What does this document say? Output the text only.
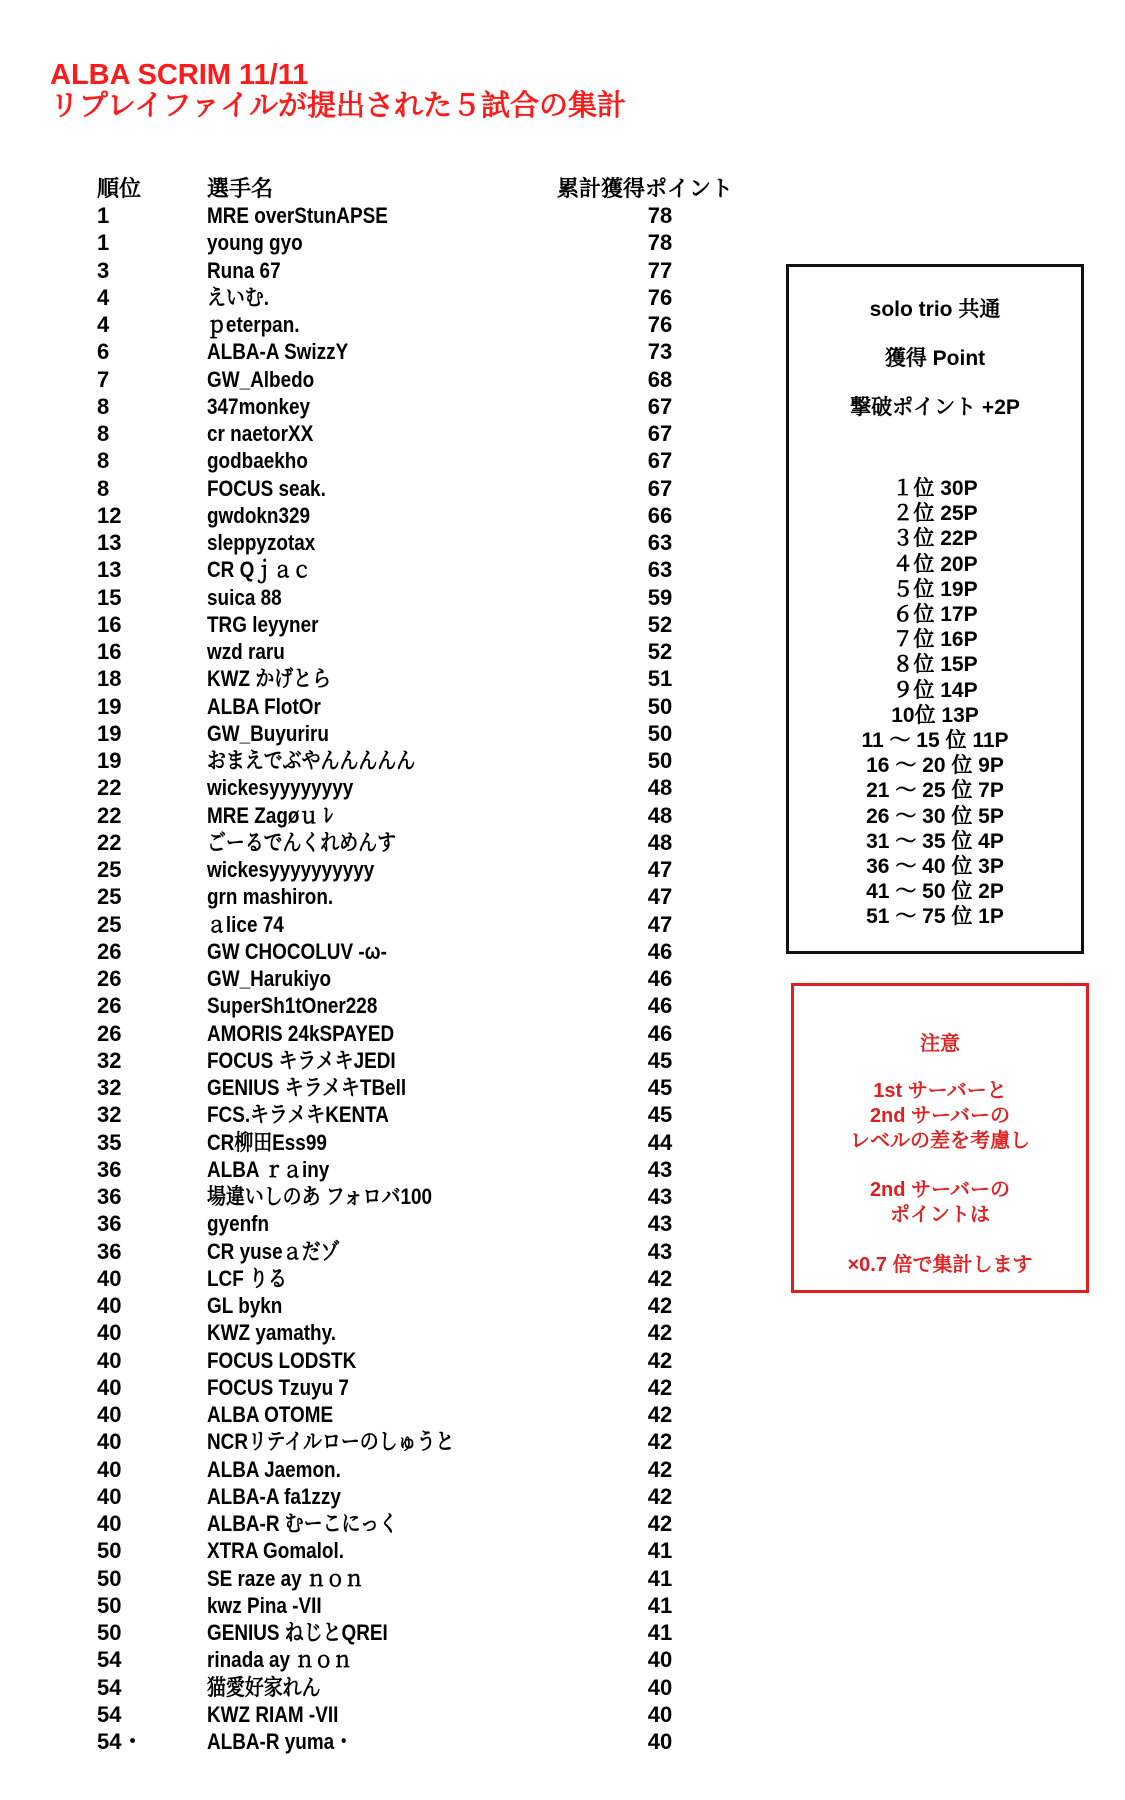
ALBA SCRIM 11/11
リプレイファイルが提出された５試合の集計
順位	選手名	累計獲得ポイント
1	MRE overStunAPSE	78
1	young gyo	78
3	Runa 67	77
4	えいむ.	76
4	ｐeterpan.	76
6	ALBA-A SwizzY	73
7	GW_Albedo	68
8	347monkey	67
8	cr naetorXX	67
8	godbaekho	67
8	FOCUS seak.	67
12	gwdokn329	66
13	sleppyzotax	63
13	CR Qｊａｃ	63
15	suica 88	59
16	TRG leyyner	52
16	wzd raru	52
18	KWZ かげとら	51
19	ALBA FlotOr	50
19	GW_Buyuriru	50
19	おまえでぶやんんんんん	50
22	wickesyyyyyyyy	48
22	MRE Zagøｕ ﾚ	48
22	ごーるでんくれめんす	48
25	wickesyyyyyyyyyy	47
25	grn mashiron.	47
25	ａlice 74	47
26	GW CHOCOLUV -ω-	46
26	GW_Harukiyo	46
26	SuperSh1tOner228	46
26	AMORIS 24kSPAYED	46
32	FOCUS キラメキJEDI	45
32	GENIUS キラメキTBell	45
32	FCS.キラメキKENTA	45
35	CR柳田Ess99	44
36	ALBA ｒａiny	43
36	場違いしのあ フォロバ100	43
36	gyenfn	43
36	CR yuseａだゾ	43
40	LCF りる	42
40	GL bykn	42
40	KWZ yamathy.	42
40	FOCUS LODSTK	42
40	FOCUS Tzuyu 7	42
40	ALBA OTOME	42
40	NCRリテイルローのしゅうと	42
40	ALBA Jaemon.	42
40	ALBA-A fa1zzy	42
40	ALBA-R むーこにっく	42
50	XTRA Gomalol.	41
50	SE raze ay ｎｏｎ	41
50	kwz Pina -VII	41
50	GENIUS ねじとQREI	41
54	rinada ay ｎｏｎ	40
54	猫愛好家れん	40
54	KWZ RIAM -VII	40
54・	ALBA-R yuma・	40
solo trio 共通
獲得 Point
撃破ポイント +2P
１位 30P
２位 25P
３位 22P
４位 20P
５位 19P
６位 17P
７位 16P
８位 15P
９位 14P
10位 13P
11 ～ 15 位 11P
16 ～ 20 位 9P
21 ～ 25 位 7P
26 ～ 30 位 5P
31 ～ 35 位 4P
36 ～ 40 位 3P
41 ～ 50 位 2P
51 ～ 75 位 1P
注意
1st サーバーと
2nd サーバーの
レベルの差を考慮し
2nd サーバーの
ポイントは
×0.7 倍で集計します
